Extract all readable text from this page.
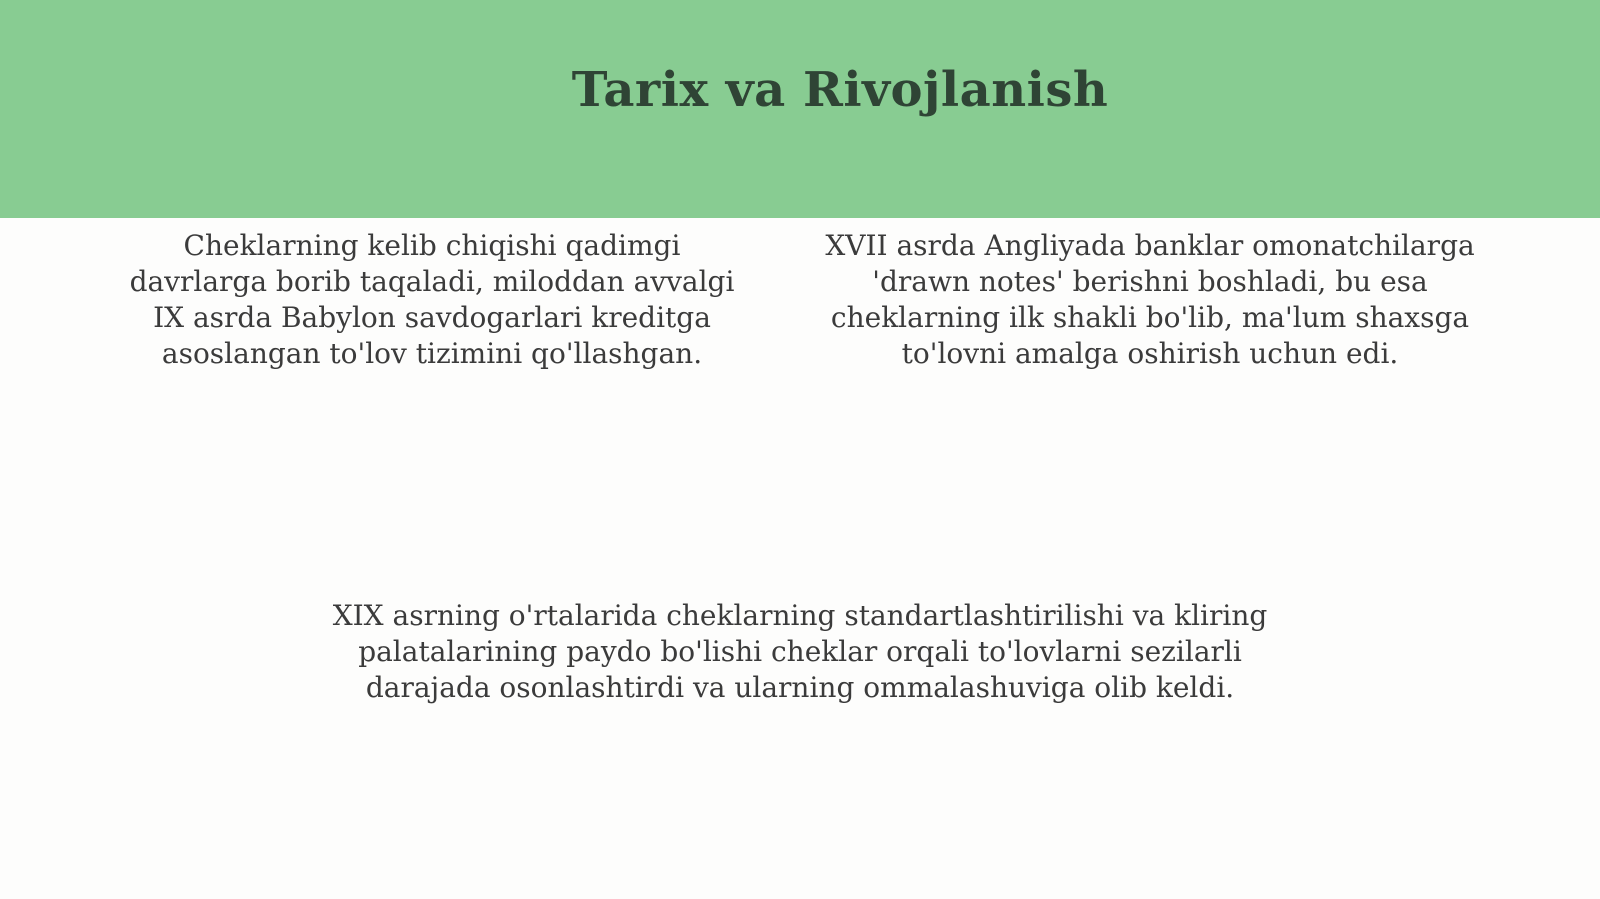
Tarix va Rivojlanish

Cheklarning kelib chiqishi qadimgi davrlarga borib taqaladi, miloddan avvalgi IX asrda Babylon savdogarlari kreditga asoslangan to'lov tizimini qo'llashgan.

XVII asrda Angliyada banklar omonatchilarga 'drawn notes' berishni boshladi, bu esa cheklarning ilk shakli bo'lib, ma'lum shaxsga to'lovni amalga oshirish uchun edi.

XIX asrning o'rtalarida cheklarning standartlashtirilishi va kliring palatalarining paydo bo'lishi cheklar orqali to'lovlarni sezilarli darajada osonlashtirdi va ularning ommalashuviga olib keldi.
